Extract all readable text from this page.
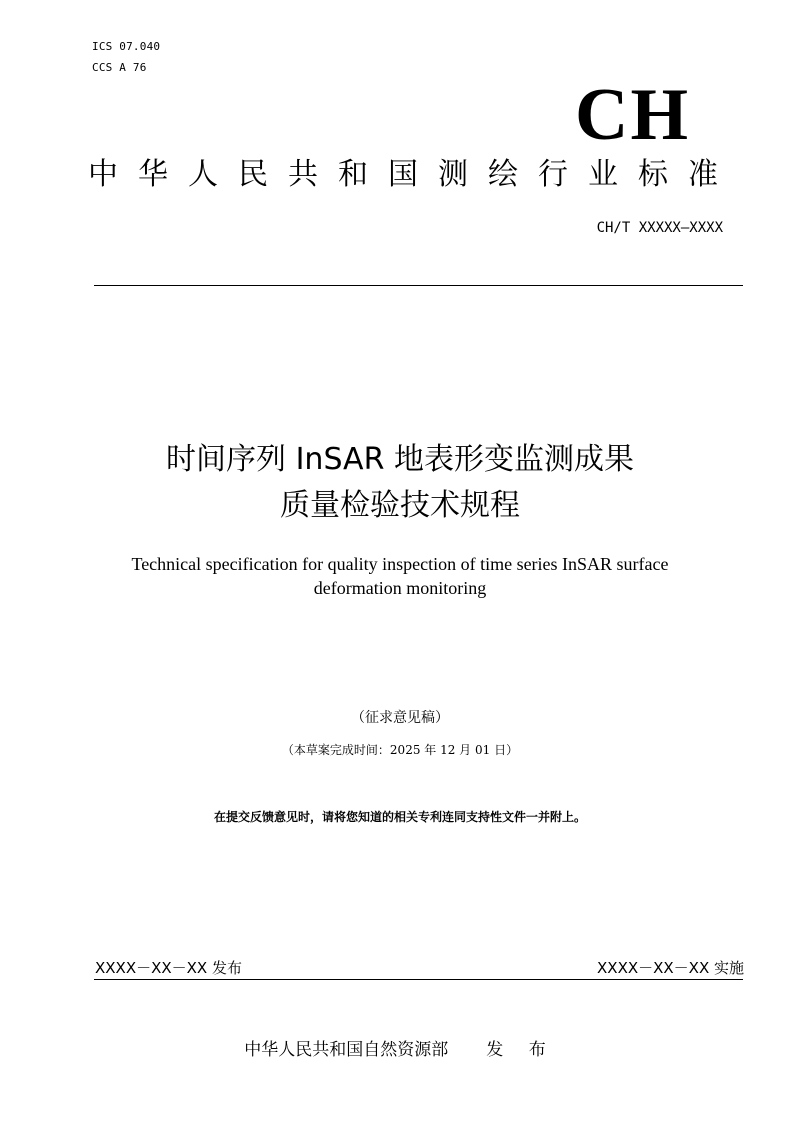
ICS 07.040
CCS A 76
CH
中华人民共和国测绘行业标准
CH/T XXXXX—XXXX
时间序列 InSAR 地表形变监测成果
质量检验技术规程
Technical specification for quality inspection of time series InSAR surface
deformation monitoring
（征求意见稿）
（本草案完成时间：2025 年 12 月 01 日）
在提交反馈意见时，请将您知道的相关专利连同支持性文件一并附上。
XXXX－XX－XX 发布	XXXX－XX－XX 实施
中华人民共和国自然资源部 发 布
